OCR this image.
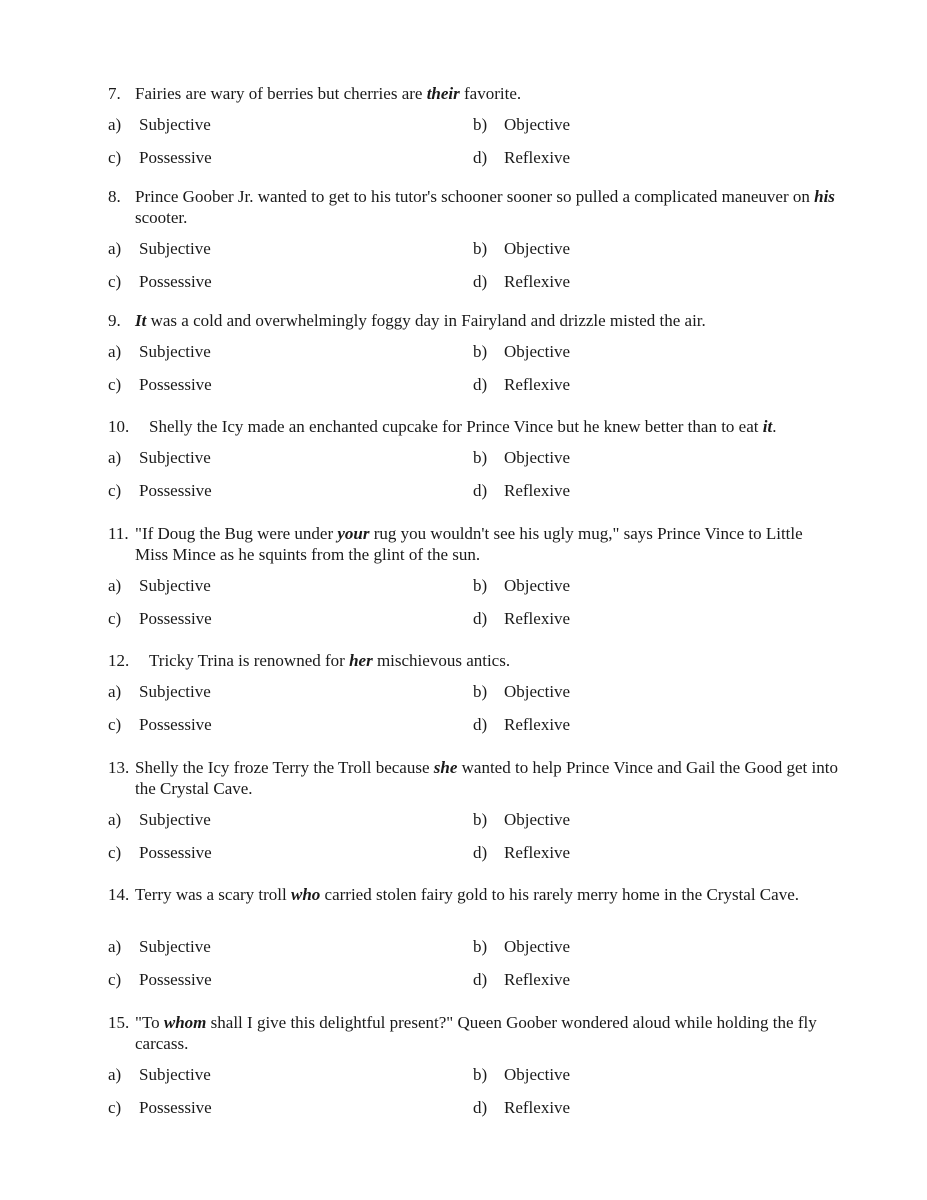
7. Fairies are wary of berries but cherries are their favorite.
a) Subjective	b) Objective
c) Possessive	d) Reflexive
8. Prince Goober Jr. wanted to get to his tutor's schooner sooner so pulled a complicated maneuver on his scooter.
a) Subjective	b) Objective
c) Possessive	d) Reflexive
9. It was a cold and overwhelmingly foggy day in Fairyland and drizzle misted the air.
a) Subjective	b) Objective
c) Possessive	d) Reflexive
10.	Shelly the Icy made an enchanted cupcake for Prince Vince but he knew better than to eat it.
a) Subjective	b) Objective
c) Possessive	d) Reflexive
11. "If Doug the Bug were under your rug you wouldn't see his ugly mug," says Prince Vince to Little Miss Mince as he squints from the glint of the sun.
a) Subjective	b) Objective
c) Possessive	d) Reflexive
12.	Tricky Trina is renowned for her mischievous antics.
a) Subjective	b) Objective
c) Possessive	d) Reflexive
13. Shelly the Icy froze Terry the Troll because she wanted to help Prince Vince and Gail the Good get into the Crystal Cave.
a) Subjective	b) Objective
c) Possessive	d) Reflexive
14. Terry was a scary troll who carried stolen fairy gold to his rarely merry home in the Crystal Cave.
a) Subjective	b) Objective
c) Possessive	d) Reflexive
15. "To whom shall I give this delightful present?" Queen Goober wondered aloud while holding the fly carcass.
a) Subjective	b) Objective
c) Possessive	d) Reflexive
